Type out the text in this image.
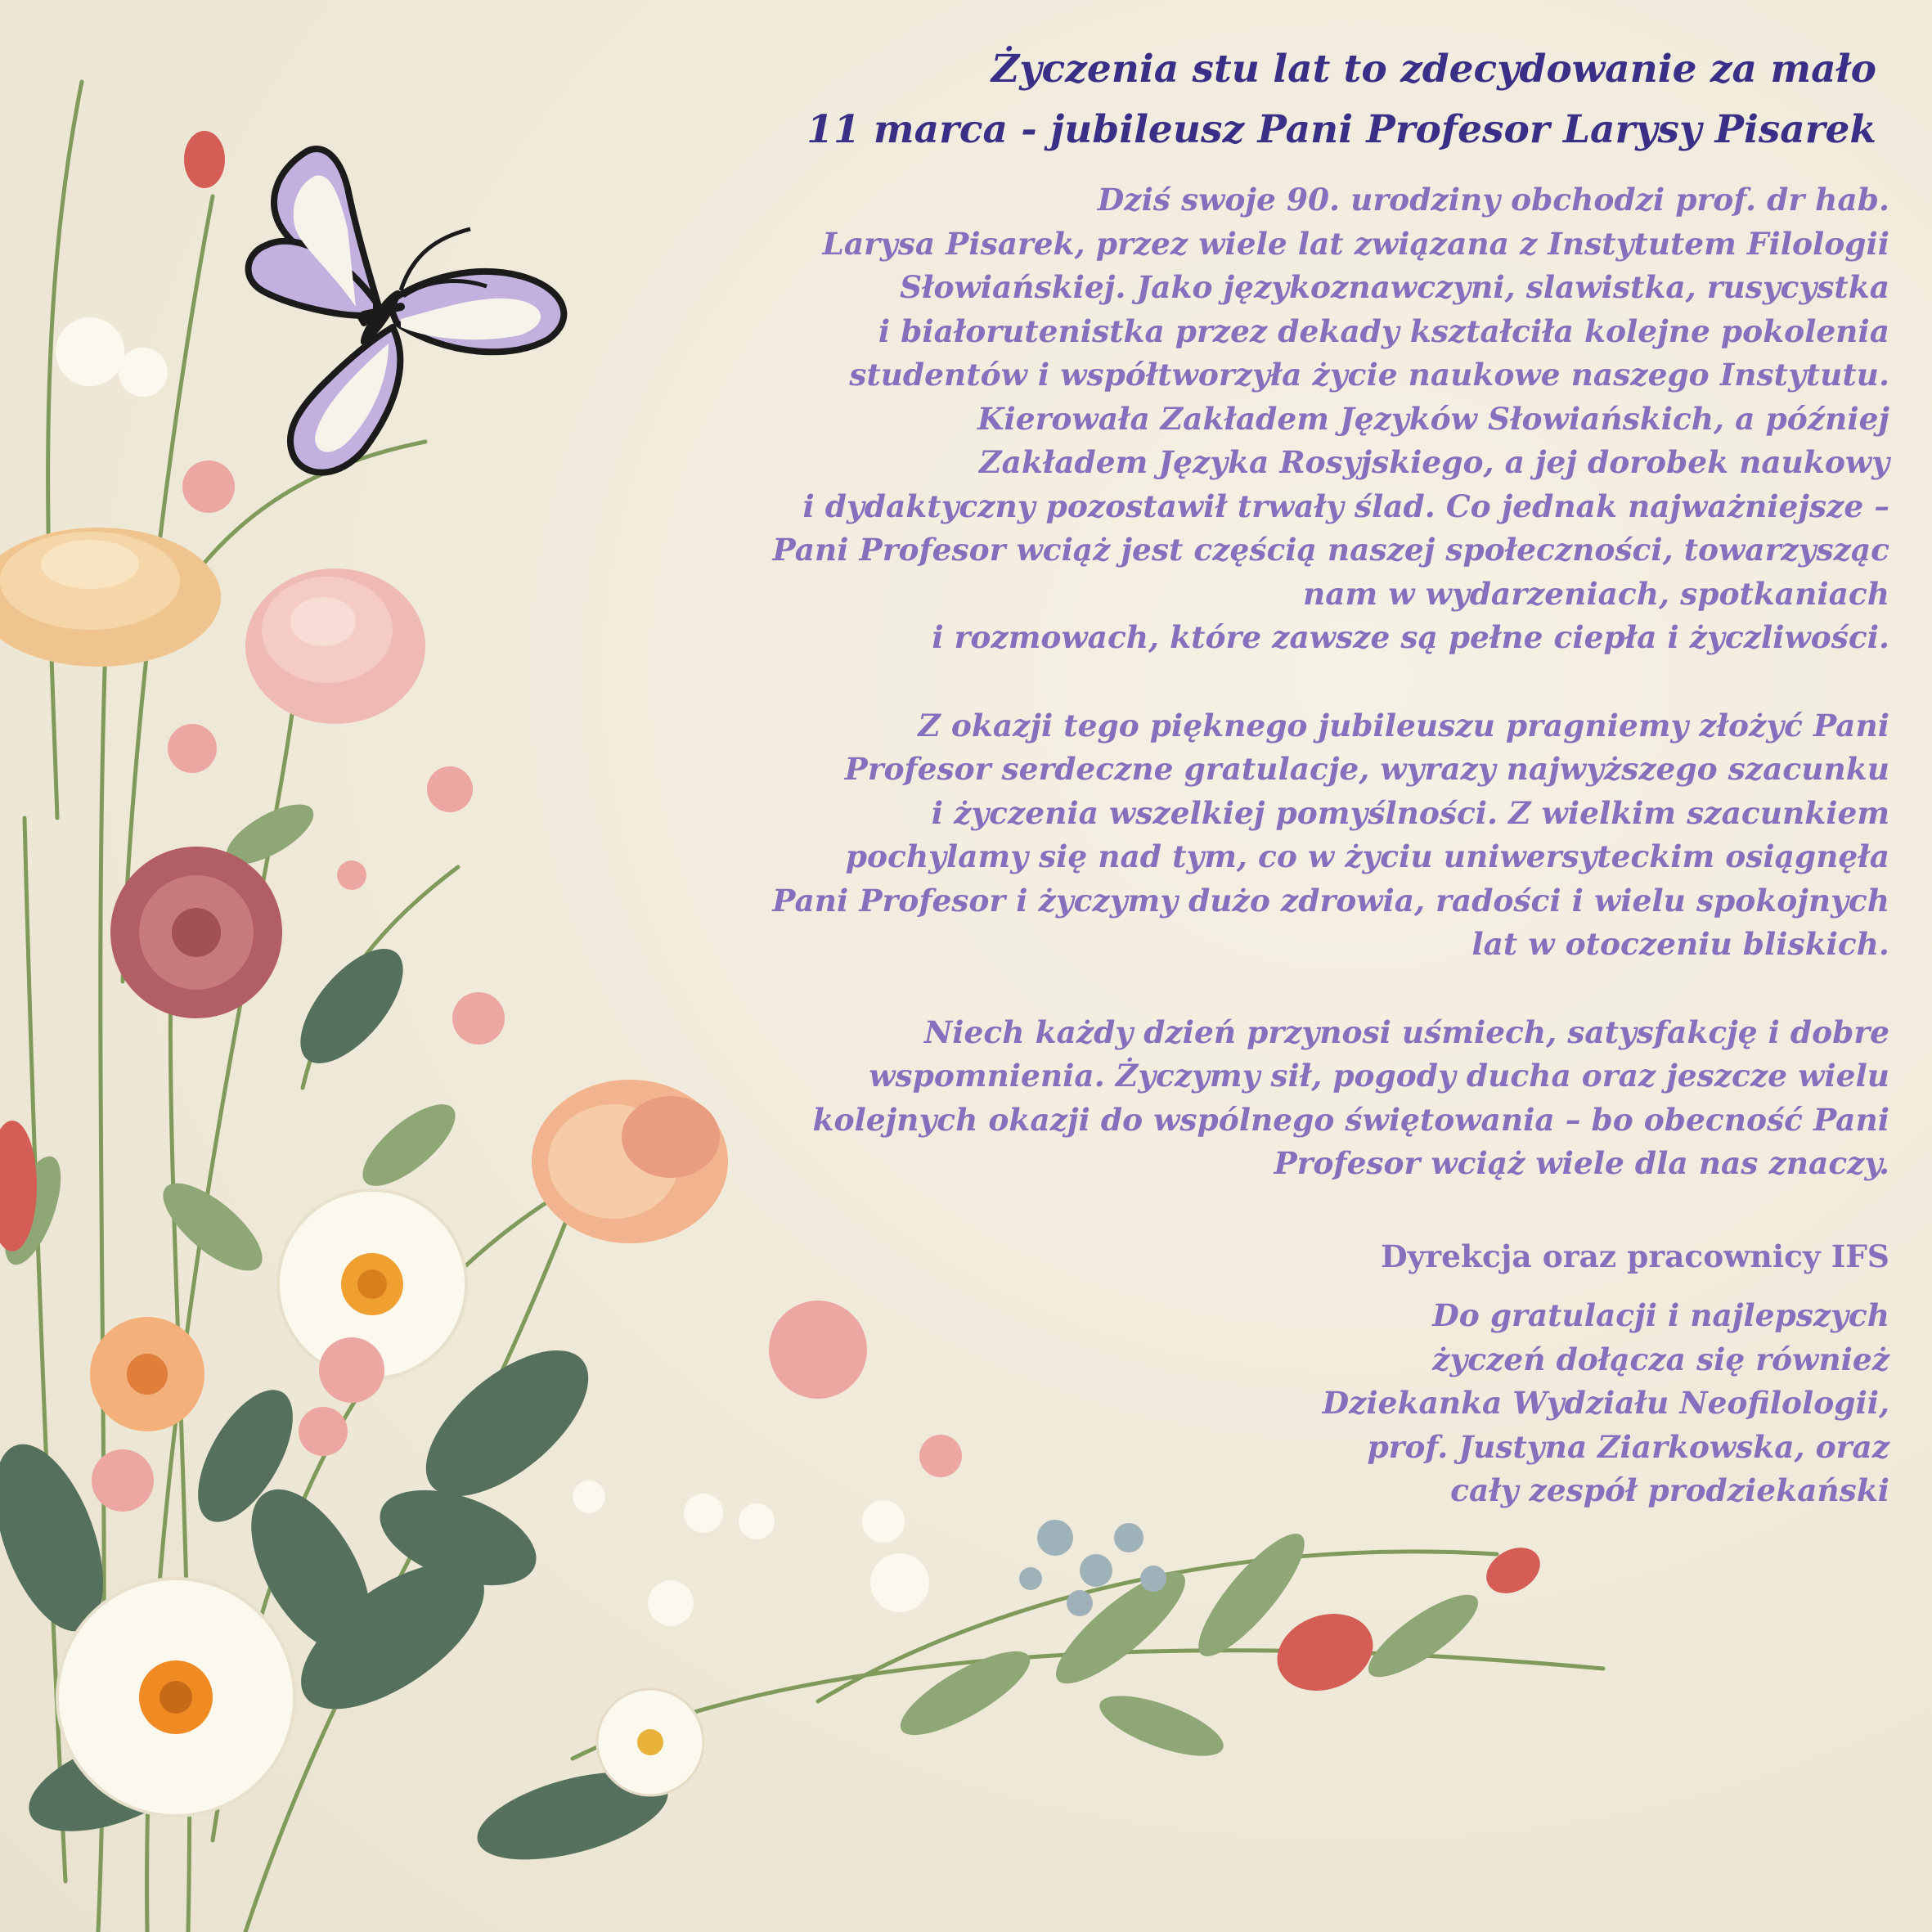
Życzenia stu lat to zdecydowanie za mało
11 marca - jubileusz Pani Profesor Larysy Pisarek
Dziś swoje 90. urodziny obchodzi prof. dr hab.
Larysa Pisarek, przez wiele lat związana z Instytutem Filologii
Słowiańskiej. Jako językoznawczyni, slawistka, rusycystka
i białorutenistka przez dekady kształciła kolejne pokolenia
studentów i współtworzyła życie naukowe naszego Instytutu.
Kierowała Zakładem Języków Słowiańskich, a później
Zakładem Języka Rosyjskiego, a jej dorobek naukowy
i dydaktyczny pozostawił trwały ślad. Co jednak najważniejsze –
Pani Profesor wciąż jest częścią naszej społeczności, towarzysząc
nam w wydarzeniach, spotkaniach
i rozmowach, które zawsze są pełne ciepła i życzliwości.
Z okazji tego pięknego jubileuszu pragniemy złożyć Pani
Profesor serdeczne gratulacje, wyrazy najwyższego szacunku
i życzenia wszelkiej pomyślności. Z wielkim szacunkiem
pochylamy się nad tym, co w życiu uniwersyteckim osiągnęła
Pani Profesor i życzymy dużo zdrowia, radości i wielu spokojnych
lat w otoczeniu bliskich.
Niech każdy dzień przynosi uśmiech, satysfakcję i dobre
wspomnienia. Życzymy sił, pogody ducha oraz jeszcze wielu
kolejnych okazji do wspólnego świętowania – bo obecność Pani
Profesor wciąż wiele dla nas znaczy.
Dyrekcja oraz pracownicy IFS
Do gratulacji i najlepszych
życzeń dołącza się również
Dziekanka Wydziału Neofilologii,
prof. Justyna Ziarkowska, oraz
cały zespół prodziekański
